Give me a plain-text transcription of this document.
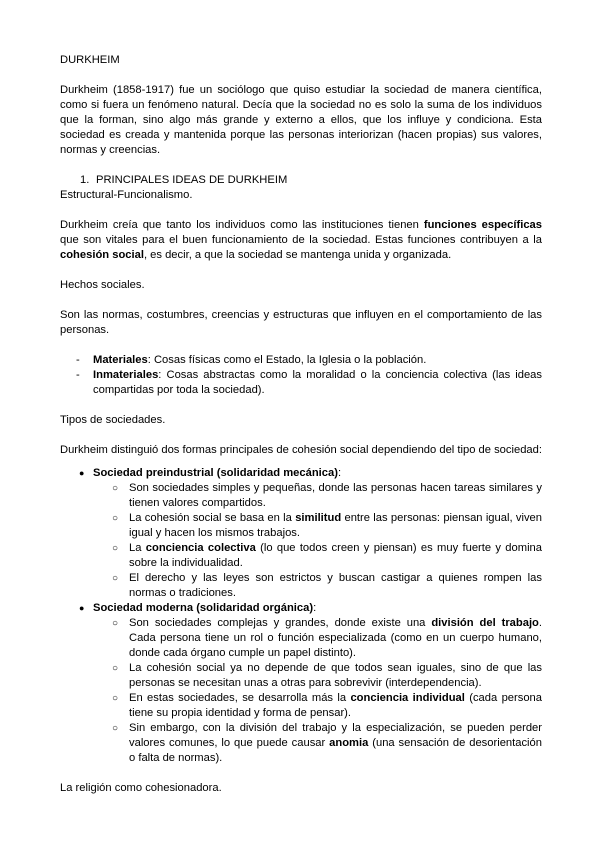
DURKHEIM

Durkheim (1858-1917) fue un sociólogo que quiso estudiar la sociedad de manera científica, como si fuera un fenómeno natural. Decía que la sociedad no es solo la suma de los individuos que la forman, sino algo más grande y externo a ellos, que los influye y condiciona. Esta sociedad es creada y mantenida porque las personas interiorizan (hacen propias) sus valores, normas y creencias.

1. PRINCIPALES IDEAS DE DURKHEIM

Estructural-Funcionalismo.

Durkheim creía que tanto los individuos como las instituciones tienen funciones específicas que son vitales para el buen funcionamiento de la sociedad. Estas funciones contribuyen a la cohesión social, es decir, a que la sociedad se mantenga unida y organizada.

Hechos sociales.

Son las normas, costumbres, creencias y estructuras que influyen en el comportamiento de las personas.

- Materiales: Cosas físicas como el Estado, la Iglesia o la población.
- Inmateriales: Cosas abstractas como la moralidad o la conciencia colectiva (las ideas compartidas por toda la sociedad).

Tipos de sociedades.

Durkheim distinguió dos formas principales de cohesión social dependiendo del tipo de sociedad:

● Sociedad preindustrial (solidaridad mecánica):
○ Son sociedades simples y pequeñas, donde las personas hacen tareas similares y tienen valores compartidos.
○ La cohesión social se basa en la similitud entre las personas: piensan igual, viven igual y hacen los mismos trabajos.
○ La conciencia colectiva (lo que todos creen y piensan) es muy fuerte y domina sobre la individualidad.
○ El derecho y las leyes son estrictos y buscan castigar a quienes rompen las normas o tradiciones.
● Sociedad moderna (solidaridad orgánica):
○ Son sociedades complejas y grandes, donde existe una división del trabajo. Cada persona tiene un rol o función especializada (como en un cuerpo humano, donde cada órgano cumple un papel distinto).
○ La cohesión social ya no depende de que todos sean iguales, sino de que las personas se necesitan unas a otras para sobrevivir (interdependencia).
○ En estas sociedades, se desarrolla más la conciencia individual (cada persona tiene su propia identidad y forma de pensar).
○ Sin embargo, con la división del trabajo y la especialización, se pueden perder valores comunes, lo que puede causar anomia (una sensación de desorientación o falta de normas).

La religión como cohesionadora.
